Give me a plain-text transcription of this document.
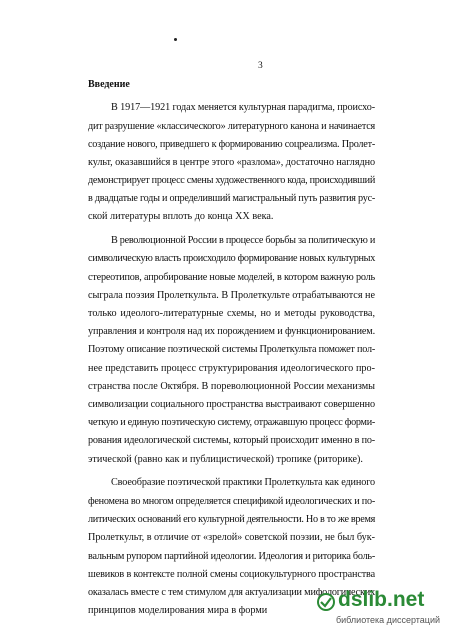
3
Введение
В 1917—1921 годах меняется культурная парадигма, происхо-
дит разрушение «классического» литературного канона и начинается
создание нового, приведшего к формированию соцреализма. Пролет-
культ, оказавшийся в центре этого «разлома», достаточно наглядно
демонстрирует процесс смены художественного кода, происходивший
в двадцатые годы и определивший магистральный путь развития рус-
ской литературы вплоть до конца XX века.
В революционной России в процессе борьбы за политическую и
символическую власть происходило формирование новых культурных
стереотипов, апробирование новые моделей, в котором важную роль
сыграла поэзия Пролеткульта. В Пролеткульте отрабатываются не
только идеолого-литературные схемы, но и методы руководства,
управления и контроля над их порождением и функционированием.
Поэтому описание поэтической системы Пролеткульта поможет пол-
нее представить процесс структурирования идеологического про-
странства после Октября. В пореволюционной России механизмы
символизации социального пространства выстраивают совершенно
четкую и единую поэтическую систему, отражавшую процесс форми-
рования идеологической системы, который происходит именно в по-
этической (равно как и публицистической) тропике (риторике).
Своеобразие поэтической практики Пролеткульта как единого
феномена во многом определяется спецификой идеологических и по-
литических оснований его культурной деятельности. Но в то же время
Пролеткульт, в отличие от «зрелой» советской поэзии, не был бук-
вальным рупором партийной идеологии. Идеология и риторика боль-
шевиков в контексте полной смены социокультурного пространства
оказалась вместе с тем стимулом для актуализации мифологических
принципов моделирования мира в форми	dslib.net
библиотека диссертаций
